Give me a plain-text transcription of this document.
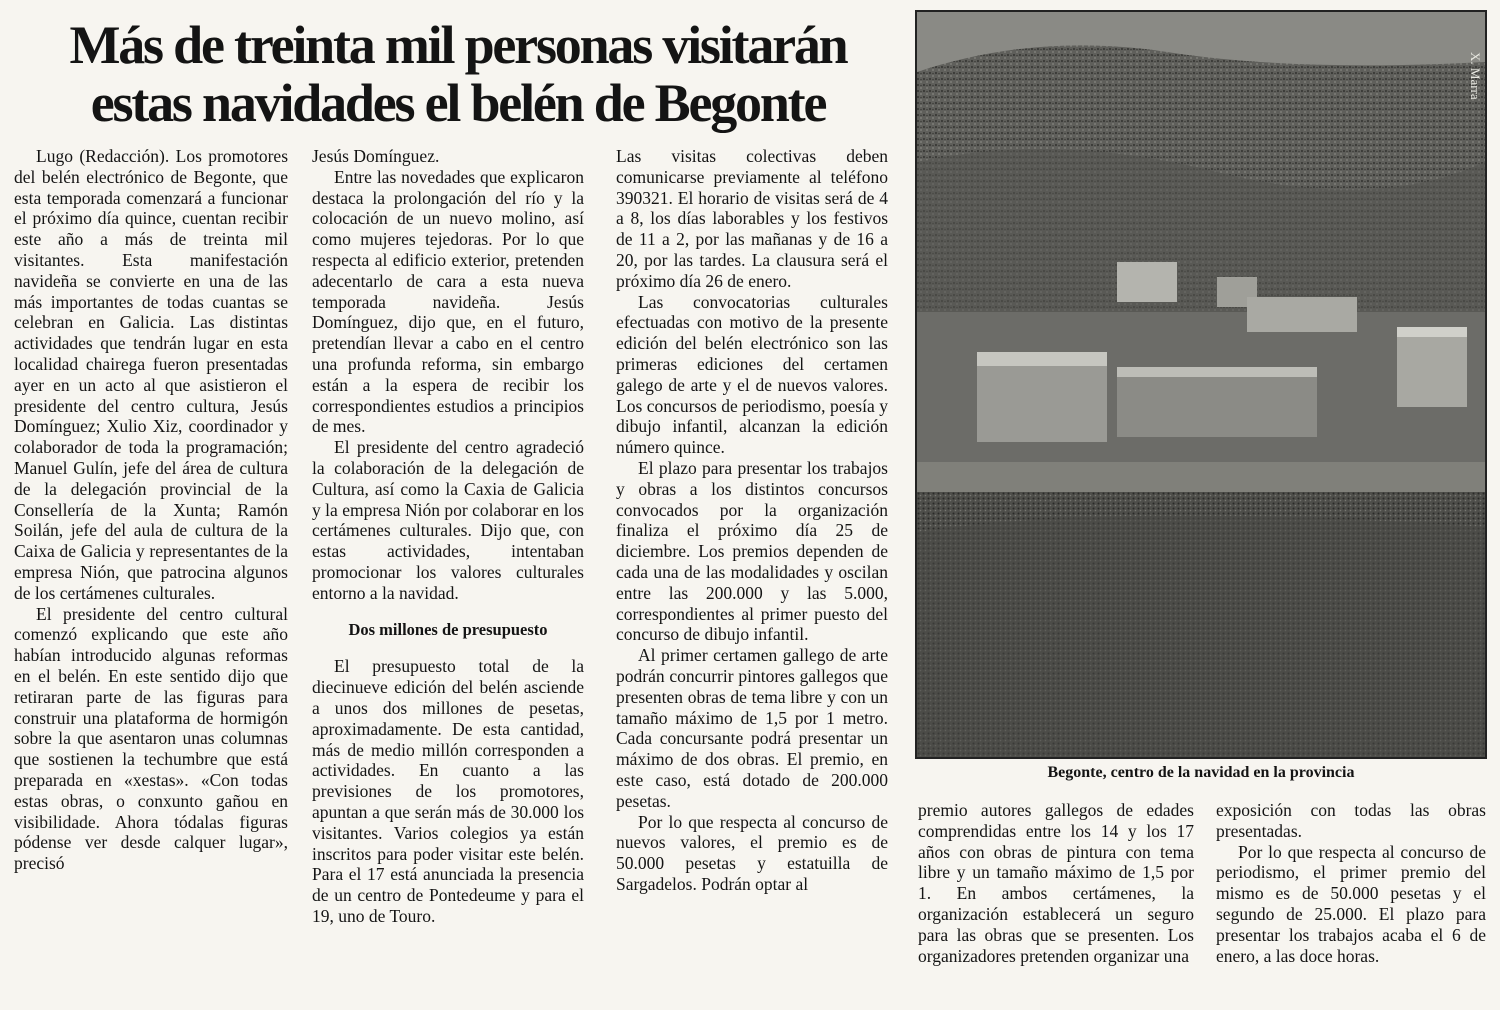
Más de treinta mil personas visitarán
estas navidades el belén de Begonte

Lugo (Redacción). Los promotores del belén electrónico de Begonte, que esta temporada comenzará a funcionar el próximo día quince, cuentan recibir este año a más de treinta mil visitantes. Esta manifestación navideña se convierte en una de las más importantes de todas cuantas se celebran en Galicia. Las distintas actividades que tendrán lugar en esta localidad chairega fueron presentadas ayer en un acto al que asistieron el presidente del centro cultura, Jesús Domínguez; Xulio Xiz, coordinador y colaborador de toda la programación; Manuel Gulín, jefe del área de cultura de la delegación provincial de la Consellería de la Xunta; Ramón Soilán, jefe del aula de cultura de la Caixa de Galicia y representantes de la empresa Nión, que patrocina algunos de los certámenes culturales.

El presidente del centro cultural comenzó explicando que este año habían introducido algunas reformas en el belén. En este sentido dijo que retiraran parte de las figuras para construir una plataforma de hormigón sobre la que asentaron unas columnas que sostienen la techumbre que está preparada en «xestas». «Con todas estas obras, o conxunto gañou en visibilidade. Ahora tódalas figuras pódense ver desde calquer lugar», precisó

Jesús Domínguez.

Entre las novedades que explicaron destaca la prolongación del río y la colocación de un nuevo molino, así como mujeres tejedoras. Por lo que respecta al edificio exterior, pretenden adecentarlo de cara a esta nueva temporada navideña. Jesús Domínguez, dijo que, en el futuro, pretendían llevar a cabo en el centro una profunda reforma, sin embargo están a la espera de recibir los correspondientes estudios a principios de mes.

El presidente del centro agradeció la colaboración de la delegación de Cultura, así como la Caxia de Galicia y la empresa Nión por colaborar en los certámenes culturales. Dijo que, con estas actividades, intentaban promocionar los valores culturales entorno a la navidad.

Dos millones de presupuesto

El presupuesto total de la diecinueve edición del belén asciende a unos dos millones de pesetas, aproximadamente. De esta cantidad, más de medio millón corresponden a actividades. En cuanto a las previsiones de los promotores, apuntan a que serán más de 30.000 los visitantes. Varios colegios ya están inscritos para poder visitar este belén. Para el 17 está anunciada la presencia de un centro de Pontedeume y para el 19, uno de Touro.

Las visitas colectivas deben comunicarse previamente al teléfono 390321. El horario de visitas será de 4 a 8, los días laborables y los festivos de 11 a 2, por las mañanas y de 16 a 20, por las tardes. La clausura será el próximo día 26 de enero.

Las convocatorias culturales efectuadas con motivo de la presente edición del belén electrónico son las primeras ediciones del certamen galego de arte y el de nuevos valores. Los concursos de periodismo, poesía y dibujo infantil, alcanzan la edición número quince.

El plazo para presentar los trabajos y obras a los distintos concursos convocados por la organización finaliza el próximo día 25 de diciembre. Los premios dependen de cada una de las modalidades y oscilan entre las 200.000 y las 5.000, correspondientes al primer puesto del concurso de dibujo infantil.

Al primer certamen gallego de arte podrán concurrir pintores gallegos que presenten obras de tema libre y con un tamaño máximo de 1,5 por 1 metro. Cada concursante podrá presentar un máximo de dos obras. El premio, en este caso, está dotado de 200.000 pesetas.

Por lo que respecta al concurso de nuevos valores, el premio es de 50.000 pesetas y estatuilla de Sargadelos. Podrán optar al

X. Marra
Begonte, centro de la navidad en la provincia

premio autores gallegos de edades comprendidas entre los 14 y los 17 años con obras de pintura con tema libre y un tamaño máximo de 1,5 por 1. En ambos certámenes, la organización establecerá un seguro para las obras que se presenten. Los organizadores pretenden organizar una

exposición con todas las obras presentadas.

Por lo que respecta al concurso de periodismo, el primer premio del mismo es de 50.000 pesetas y el segundo de 25.000. El plazo para presentar los trabajos acaba el 6 de enero, a las doce horas.
